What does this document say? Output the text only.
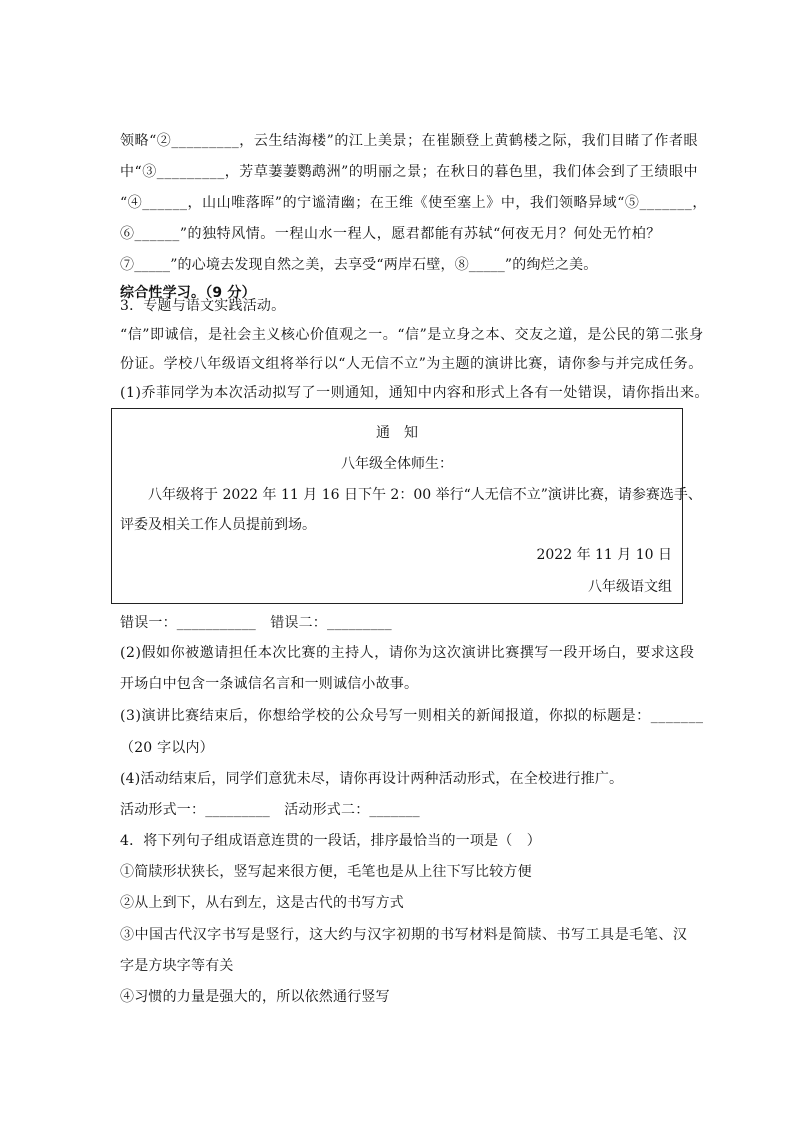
领略“②_________，云生结海楼”的江上美景；在崔颢登上黄鹤楼之际，我们目睹了作者眼
中“③_________，芳草萋萋鹦鹉洲”的明丽之景；在秋日的暮色里，我们体会到了王绩眼中
“④______，山山唯落晖”的宁谧清幽；在王维《使至塞上》中，我们领略异域“⑤_______，
⑥______”的独特风情。一程山水一程人，愿君都能有苏轼“何夜无月？何处无竹柏？
⑦_____”的心境去发现自然之美，去享受“两岸石壁，⑧_____”的绚烂之美。
综合性学习。（9 分）
3．专题与语文实践活动。
“信”即诚信，是社会主义核心价值观之一。“信”是立身之本、交友之道，是公民的第二张身
份证。学校八年级语文组将举行以“人无信不立”为主题的演讲比赛，请你参与并完成任务。
(1)乔菲同学为本次活动拟写了一则通知，通知中内容和形式上各有一处错误，请你指出来。
通　知
八年级全体师生：
八年级将于 2022 年 11 月 16 日下午 2：00 举行“人无信不立”演讲比赛，请参赛选手、
评委及相关工作人员提前到场。
2022 年 11 月 10 日
八年级语文组
错误一：___________　错误二：_________
(2)假如你被邀请担任本次比赛的主持人，请你为这次演讲比赛撰写一段开场白，要求这段
开场白中包含一条诚信名言和一则诚信小故事。
(3)演讲比赛结束后，你想给学校的公众号写一则相关的新闻报道，你拟的标题是：_______
（20 字以内）
(4)活动结束后，同学们意犹未尽，请你再设计两种活动形式，在全校进行推广。
活动形式一：_________　活动形式二：_______
4．将下列句子组成语意连贯的一段话，排序最恰当的一项是（　）
①简牍形状狭长，竖写起来很方便，毛笔也是从上往下写比较方便
②从上到下，从右到左，这是古代的书写方式
③中国古代汉字书写是竖行，这大约与汉字初期的书写材料是简牍、书写工具是毛笔、汉
字是方块字等有关
④习惯的力量是强大的，所以依然通行竖写
